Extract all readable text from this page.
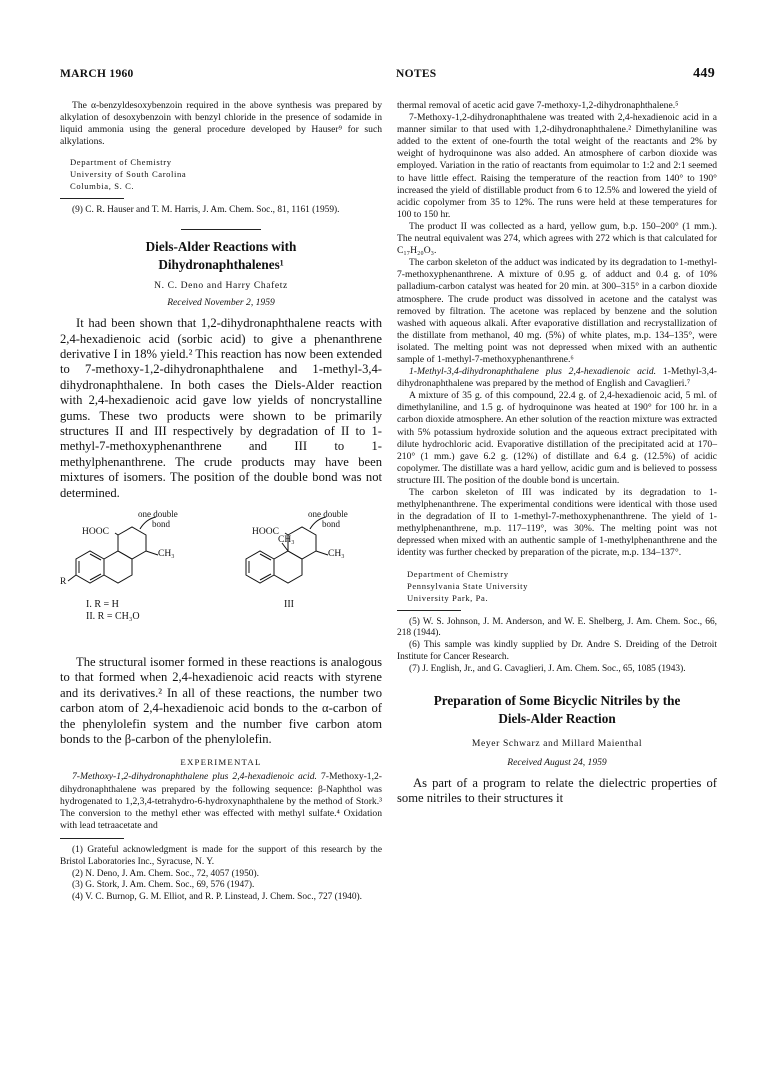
MARCH 1960	NOTES	449

The α-benzyldesoxybenzoin required in the above synthesis was prepared by alkylation of desoxybenzoin with benzyl chloride in the presence of sodamide in liquid ammonia using the general procedure developed by Hauser⁹ for such alkylations.

Department of Chemistry
University of South Carolina
Columbia, S. C.

(9) C. R. Hauser and T. M. Harris, J. Am. Chem. Soc., 81, 1161 (1959).

Diels-Alder Reactions with
Dihydronaphthalenes¹

N. C. Deno and Harry Chafetz

Received November 2, 1959

It had been shown that 1,2-dihydronaphthalene reacts with 2,4-hexadienoic acid (sorbic acid) to give a phenanthrene derivative I in 18% yield.² This reaction has now been extended to 7-methoxy-1,2-dihydronaphthalene and 1-methyl-3,4-dihydronaphthalene. In both cases the Diels-Alder reaction with 2,4-hexadienoic acid gave low yields of noncrystalline gums. These two products were shown to be primarily structures II and III respectively by degradation of II to 1-methyl-7-methoxyphenanthrene and III to 1-methylphenanthrene. The crude products may have been mixtures of isomers. The position of the double bond was not determined.

one double
bond
HOOC
CH₃
R
I. R = H
II. R = CH₃O
one double
bond
HOOC
CH₃
CH₃
III

The structural isomer formed in these reactions is analogous to that formed when 2,4-hexadienoic acid reacts with styrene and its derivatives.² In all of these reactions, the number two carbon atom of 2,4-hexadienoic acid bonds to the α-carbon of the phenylolefin system and the number five carbon atom bonds to the β-carbon of the phenylolefin.

EXPERIMENTAL

7-Methoxy-1,2-dihydronaphthalene plus 2,4-hexadienoic acid. 7-Methoxy-1,2-dihydronaphthalene was prepared by the following sequence: β-Naphthol was hydrogenated to 1,2,3,4-tetrahydro-6-hydroxynaphthalene by the method of Stork.³ The conversion to the methyl ether was effected with methyl sulfate.⁴ Oxidation with lead tetraacetate and

(1) Grateful acknowledgment is made for the support of this research by the Bristol Laboratories Inc., Syracuse, N. Y.

(2) N. Deno, J. Am. Chem. Soc., 72, 4057 (1950).

(3) G. Stork, J. Am. Chem. Soc., 69, 576 (1947).

(4) V. C. Burnop, G. M. Elliot, and R. P. Linstead, J. Chem. Soc., 727 (1940).

thermal removal of acetic acid gave 7-methoxy-1,2-dihydronaphthalene.⁵

7-Methoxy-1,2-dihydronaphthalene was treated with 2,4-hexadienoic acid in a manner similar to that used with 1,2-dihydronaphthalene.² Dimethylaniline was added to the extent of one-fourth the total weight of the reactants and 2% by weight of hydroquinone was also added. An atmosphere of carbon dioxide was employed. Variation in the ratio of reactants from equimolar to 1:2 and 2:1 seemed to have little effect. Raising the temperature of the reaction from 140° to 190° increased the yield of distillable product from 6 to 12.5% and lowered the yield of acidic copolymer from 35 to 12%. The runs were held at these temperatures for 100 to 150 hr.

The product II was collected as a hard, yellow gum, b.p. 150–200° (1 mm.). The neutral equivalent was 274, which agrees with 272 which is that calculated for C₁₇H₂₀O₃.

The carbon skeleton of the adduct was indicated by its degradation to 1-methyl-7-methoxyphenanthrene. A mixture of 0.95 g. of adduct and 0.4 g. of 10% palladium-carbon catalyst was heated for 20 min. at 300–315° in a carbon dioxide atmosphere. The crude product was dissolved in acetone and the catalyst was removed by filtration. The acetone was replaced by benzene and the solution washed with aqueous alkali. After evaporative distillation and recrystallization of the distillate from methanol, 40 mg. (5%) of white plates, m.p. 134–135°, were isolated. The melting point was not depressed when mixed with an authentic sample of 1-methyl-7-methoxyphenanthrene.⁶

1-Methyl-3,4-dihydronaphthalene plus 2,4-hexadienoic acid. 1-Methyl-3,4-dihydronaphthalene was prepared by the method of English and Cavaglieri.⁷

A mixture of 35 g. of this compound, 22.4 g. of 2,4-hexadienoic acid, 5 ml. of dimethylaniline, and 1.5 g. of hydroquinone was heated at 190° for 100 hr. in a carbon dioxide atmosphere. An ether solution of the reaction mixture was extracted with 5% potassium hydroxide solution and the aqueous extract precipitated with dilute hydrochloric acid. Evaporative distillation of the precipitated acid at 170–210° (1 mm.) gave 6.2 g. (12%) of distillate and 6.4 g. (12.5%) of acidic copolymer. The distillate was a hard yellow, acidic gum and is believed to possess structure III. The position of the double bond is uncertain.

The carbon skeleton of III was indicated by its degradation to 1-methylphenanthrene. The experimental conditions were identical with those used in the degradation of II to 1-methyl-7-methoxyphenanthrene. The yield of 1-methylphenanthrene, m.p. 117–119°, was 30%. The melting point was not depressed when mixed with an authentic sample of 1-methylphenanthrene and the identity was further checked by preparation of the picrate, m.p. 134–137°.

Department of Chemistry
Pennsylvania State University
University Park, Pa.

(5) W. S. Johnson, J. M. Anderson, and W. E. Shelberg, J. Am. Chem. Soc., 66, 218 (1944).

(6) This sample was kindly supplied by Dr. Andre S. Dreiding of the Detroit Institute for Cancer Research.

(7) J. English, Jr., and G. Cavaglieri, J. Am. Chem. Soc., 65, 1085 (1943).

Preparation of Some Bicyclic Nitriles by the
Diels-Alder Reaction

Meyer Schwarz and Millard Maienthal

Received August 24, 1959

As part of a program to relate the dielectric properties of some nitriles to their structures it
